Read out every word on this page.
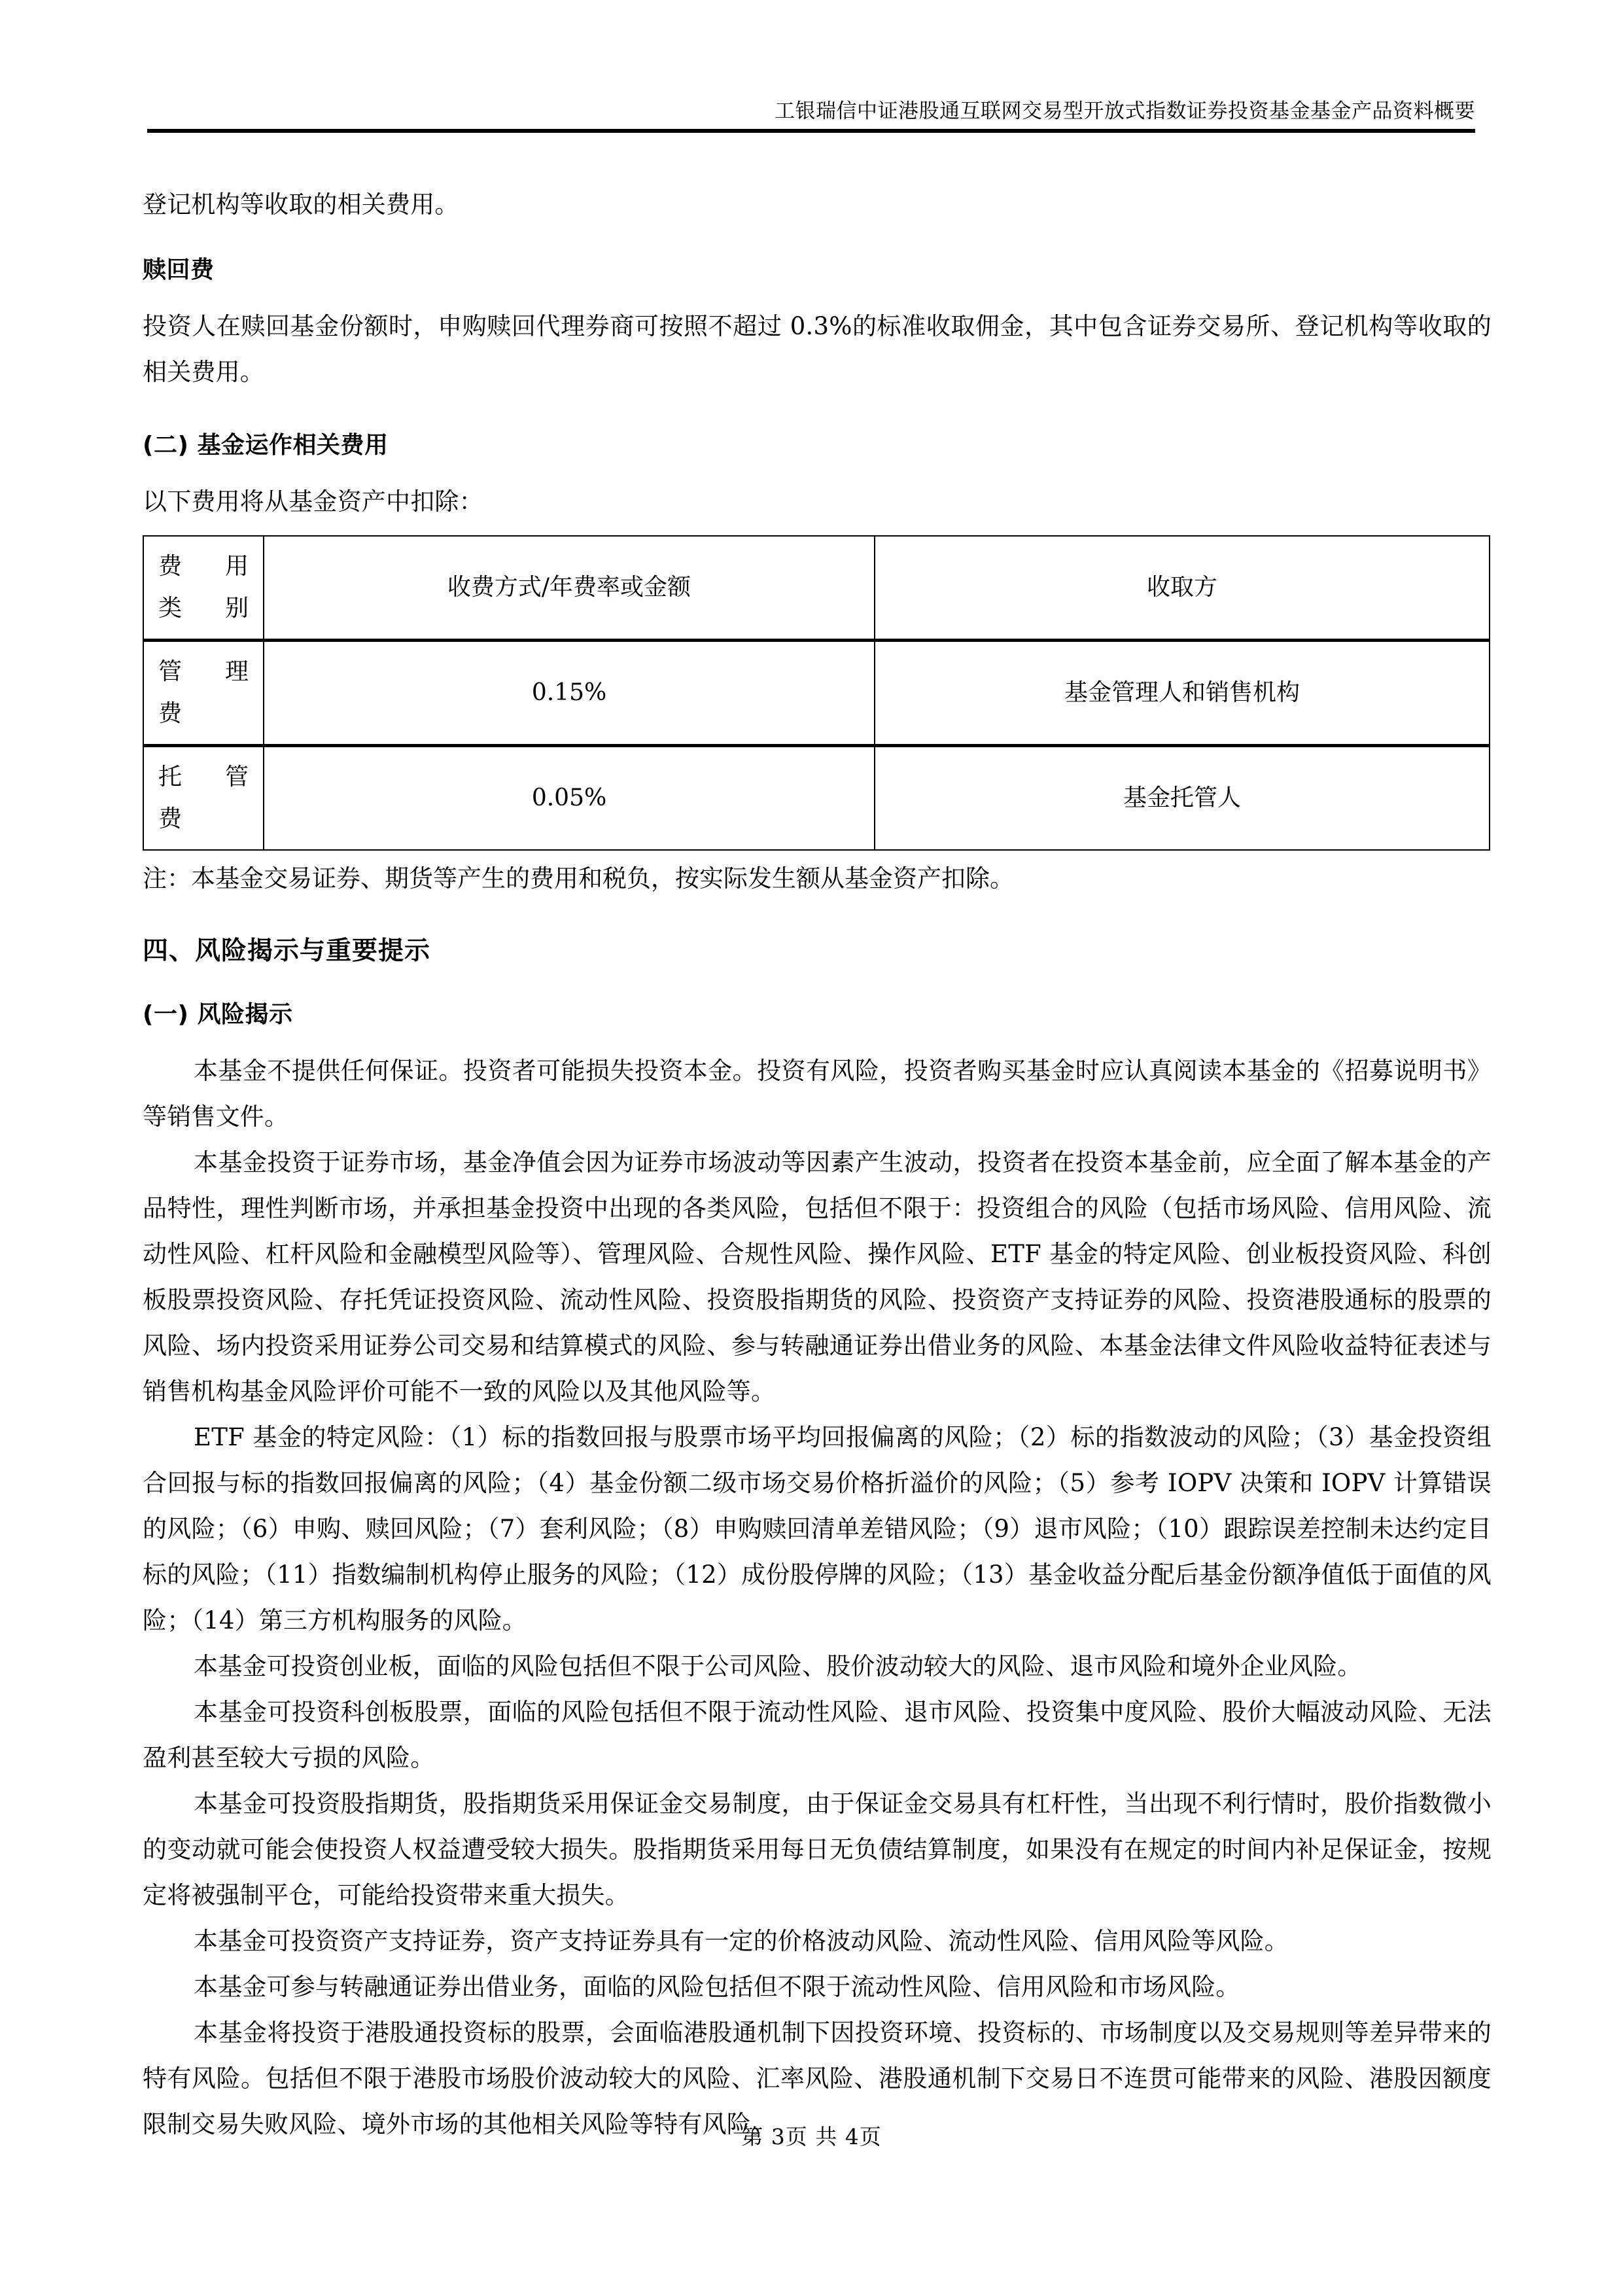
工银瑞信中证港股通互联网交易型开放式指数证券投资基金基金产品资料概要

登记机构等收取的相关费用。

赎回费

投资人在赎回基金份额时，申购赎回代理券商可按照不超过 0.3%的标准收取佣金，其中包含证券交易所、登记机构等收取的相关费用。

(二) 基金运作相关费用

以下费用将从基金资产中扣除：

费　用
类别	收费方式/年费率或金额	收取方

管　理
费	0.15%	基金管理人和销售机构

托　管
费	0.05%	基金托管人

注：本基金交易证券、期货等产生的费用和税负，按实际发生额从基金资产扣除。

四、风险揭示与重要提示
(一) 风险揭示

本基金不提供任何保证。投资者可能损失投资本金。投资有风险，投资者购买基金时应认真阅读本基金的《招募说明书》等销售文件。

本基金投资于证券市场，基金净值会因为证券市场波动等因素产生波动，投资者在投资本基金前，应全面了解本基金的产品特性，理性判断市场，并承担基金投资中出现的各类风险，包括但不限于：投资组合的风险（包括市场风险、信用风险、流动性风险、杠杆风险和金融模型风险等）、管理风险、合规性风险、操作风险、ETF 基金的特定风险、创业板投资风险、科创板股票投资风险、存托凭证投资风险、流动性风险、投资股指期货的风险、投资资产支持证券的风险、投资港股通标的股票的风险、场内投资采用证券公司交易和结算模式的风险、参与转融通证券出借业务的风险、本基金法律文件风险收益特征表述与销售机构基金风险评价可能不一致的风险以及其他风险等。

ETF 基金的特定风险：（1）标的指数回报与股票市场平均回报偏离的风险；（2）标的指数波动的风险；（3）基金投资组合回报与标的指数回报偏离的风险；（4）基金份额二级市场交易价格折溢价的风险；（5）参考 IOPV 决策和 IOPV 计算错误的风险；（6）申购、赎回风险；（7）套利风险；（8）申购赎回清单差错风险；（9）退市风险；（10）跟踪误差控制未达约定目标的风险；（11）指数编制机构停止服务的风险；（12）成份股停牌的风险；（13）基金收益分配后基金份额净值低于面值的风险；（14）第三方机构服务的风险。

本基金可投资创业板，面临的风险包括但不限于公司风险、股价波动较大的风险、退市风险和境外企业风险。

本基金可投资科创板股票，面临的风险包括但不限于流动性风险、退市风险、投资集中度风险、股价大幅波动风险、无法盈利甚至较大亏损的风险。

本基金可投资股指期货，股指期货采用保证金交易制度，由于保证金交易具有杠杆性，当出现不利行情时，股价指数微小的变动就可能会使投资人权益遭受较大损失。股指期货采用每日无负债结算制度，如果没有在规定的时间内补足保证金，按规定将被强制平仓，可能给投资带来重大损失。

本基金可投资资产支持证券，资产支持证券具有一定的价格波动风险、流动性风险、信用风险等风险。

本基金可参与转融通证券出借业务，面临的风险包括但不限于流动性风险、信用风险和市场风险。

本基金将投资于港股通投资标的股票，会面临港股通机制下因投资环境、投资标的、市场制度以及交易规则等差异带来的特有风险。包括但不限于港股市场股价波动较大的风险、汇率风险、港股通机制下交易日不连贯可能带来的风险、港股因额度限制交易失败风险、境外市场的其他相关风险等特有风险。

第 3页 共 4页
